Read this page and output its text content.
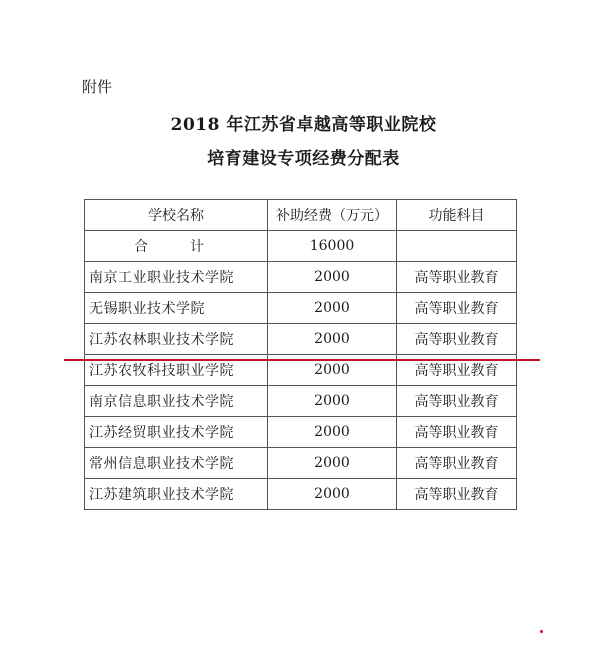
附件
2018 年江苏省卓越高等职业院校
培育建设专项经费分配表
学校名称	补助经费（万元）	功能科目
合　计	16000	
南京工业职业技术学院	2000	高等职业教育
无锡职业技术学院	2000	高等职业教育
江苏农林职业技术学院	2000	高等职业教育
江苏农牧科技职业学院	2000	高等职业教育
南京信息职业技术学院	2000	高等职业教育
江苏经贸职业技术学院	2000	高等职业教育
常州信息职业技术学院	2000	高等职业教育
江苏建筑职业技术学院	2000	高等职业教育
